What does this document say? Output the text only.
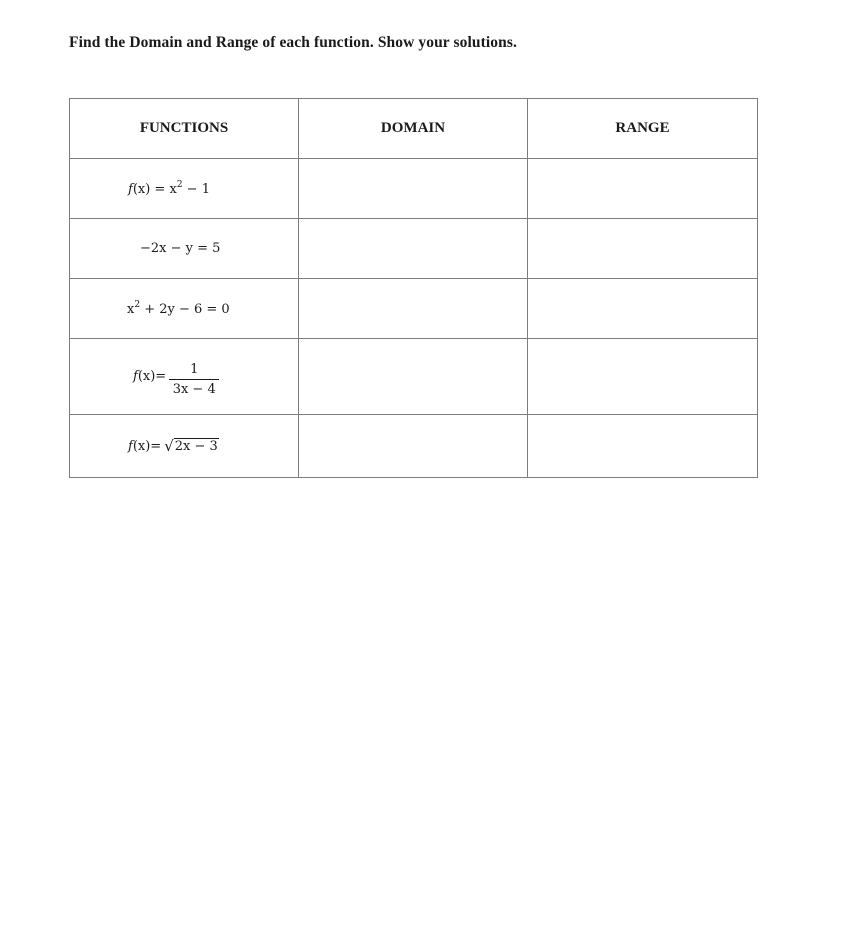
Find the Domain and Range of each function. Show your solutions.
FUNCTIONS	DOMAIN	RANGE
$f(x) = x^2 - 1$		
−2x − y = 5		
$x^2 + 2y - 6 = 0$		

f $(x) = \frac{1}{3x - 4}$

f (x) = √ 2x − 3		
